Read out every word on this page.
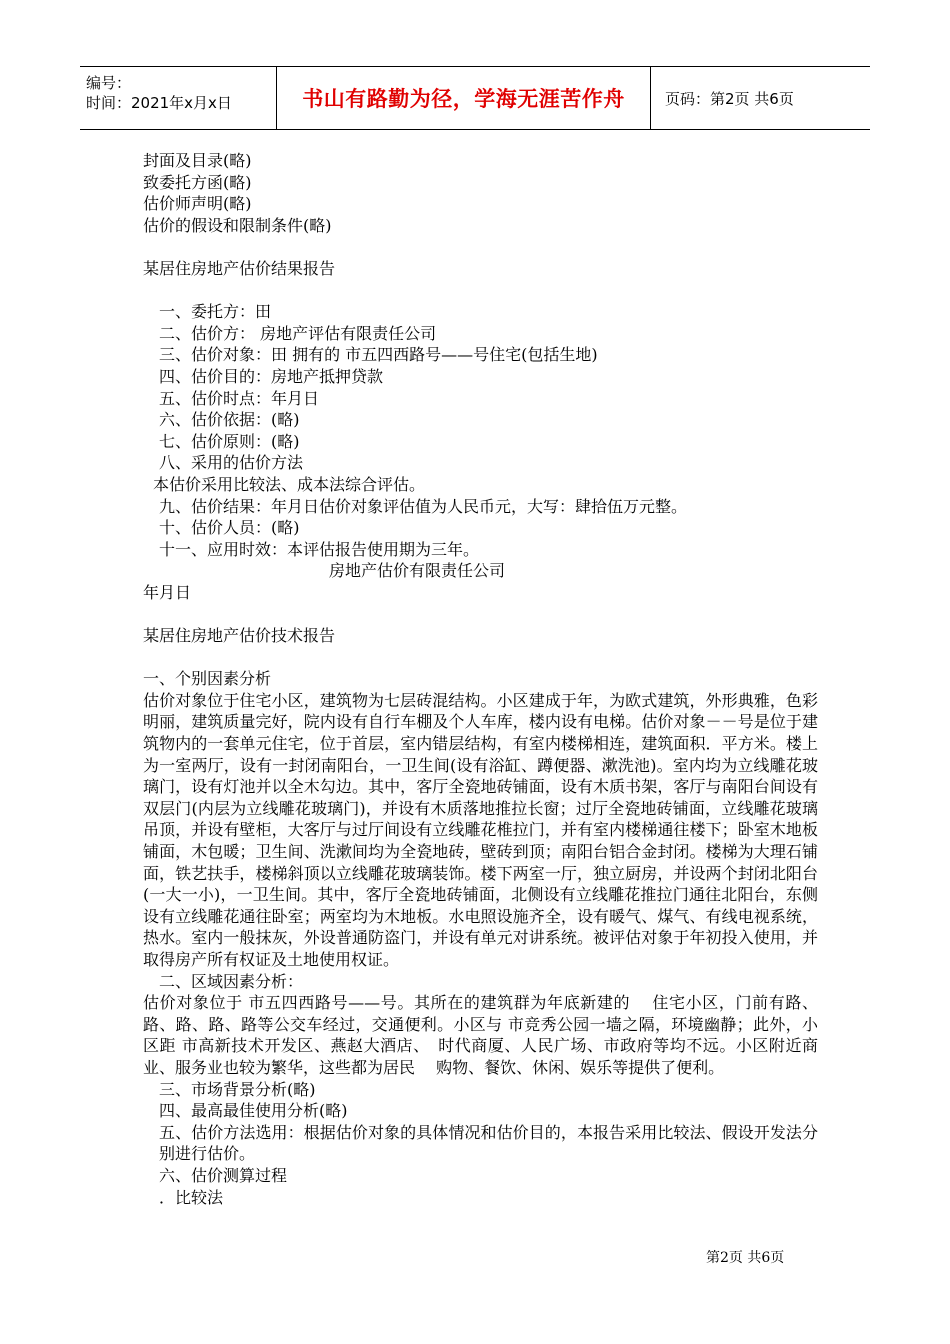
编号：
时间：2021年x月x日	书山有路勤为径，学海无涯苦作舟	页码：第2页 共6页

封面及目录(略)

致委托方函(略)

估价师声明(略)

估价的假设和限制条件(略)

某居住房地产估价结果报告

一、委托方：田

二、估价方： 房地产评估有限责任公司

三、估价对象：田 拥有的 市五四西路号——号住宅(包括生地)

四、估价目的：房地产抵押贷款

五、估价时点：年月日

六、估价依据：(略)

七、估价原则：(略)

八、采用的估价方法

本估价采用比较法、成本法综合评估。

九、估价结果：年月日估价对象评估值为人民币元，大写：肆拾伍万元整。

十、估价人员：(略)

十一、应用时效：本评估报告使用期为三年。

房地产估价有限责任公司

年月日

某居住房地产估价技术报告

一、个别因素分析

估价对象位于住宅小区，建筑物为七层砖混结构。小区建成于年，为欧式建筑，外形典雅，色彩明丽，建筑质量完好，院内设有自行车棚及个人车库，楼内设有电梯。估价对象－－号是位于建筑物内的一套单元住宅，位于首层，室内错层结构，有室内楼梯相连，建筑面积．平方米。楼上为一室两厅，设有一封闭南阳台，一卫生间(设有浴缸、蹲便器、漱洗池)。室内均为立线雕花玻璃门，设有灯池并以全木勾边。其中，客厅全瓷地砖铺面，设有木质书架，客厅与南阳台间设有双层门(内层为立线雕花玻璃门)，并设有木质落地推拉长窗；过厅全瓷地砖铺面，立线雕花玻璃吊顶，并设有壁柜，大客厅与过厅间设有立线雕花椎拉门，并有室内楼梯通往楼下；卧室木地板铺面，木包暖；卫生间、洗漱间均为全瓷地砖，壁砖到顶；南阳台铝合金封闭。楼梯为大理石铺面，铁艺扶手，楼梯斜顶以立线雕花玻璃装饰。楼下两室一厅，独立厨房，并设两个封闭北阳台(一大一小)，一卫生间。其中，客厅全瓷地砖铺面，北侧设有立线雕花推拉门通往北阳台，东侧设有立线雕花通往卧室；两室均为木地板。水电照设施齐全，设有暖气、煤气、有线电视系统，热水。室内一般抹灰，外设普通防盗门，并设有单元对讲系统。被评估对象于年初投入使用，并取得房产所有权证及土地使用权证。

二、区域因素分析：

估价对象位于 市五四西路号——号。其所在的建筑群为年底新建的　 住宅小区，门前有路、路、路、路、路等公交车经过，交通便利。小区与 市竞秀公园一墙之隔，环境幽静；此外，小区距 市高新技术开发区、燕赵大酒店、　时代商厦、人民广场、市政府等均不远。小区附近商业、服务业也较为繁华，这些都为居民　 购物、餐饮、休闲、娱乐等提供了便利。

三、市场背景分析(略)

四、最高最佳使用分析(略)

五、估价方法选用：根据估价对象的具体情况和估价目的，本报告采用比较法、假设开发法分别进行估价。

六、估价测算过程

．比较法

第2页 共6页
